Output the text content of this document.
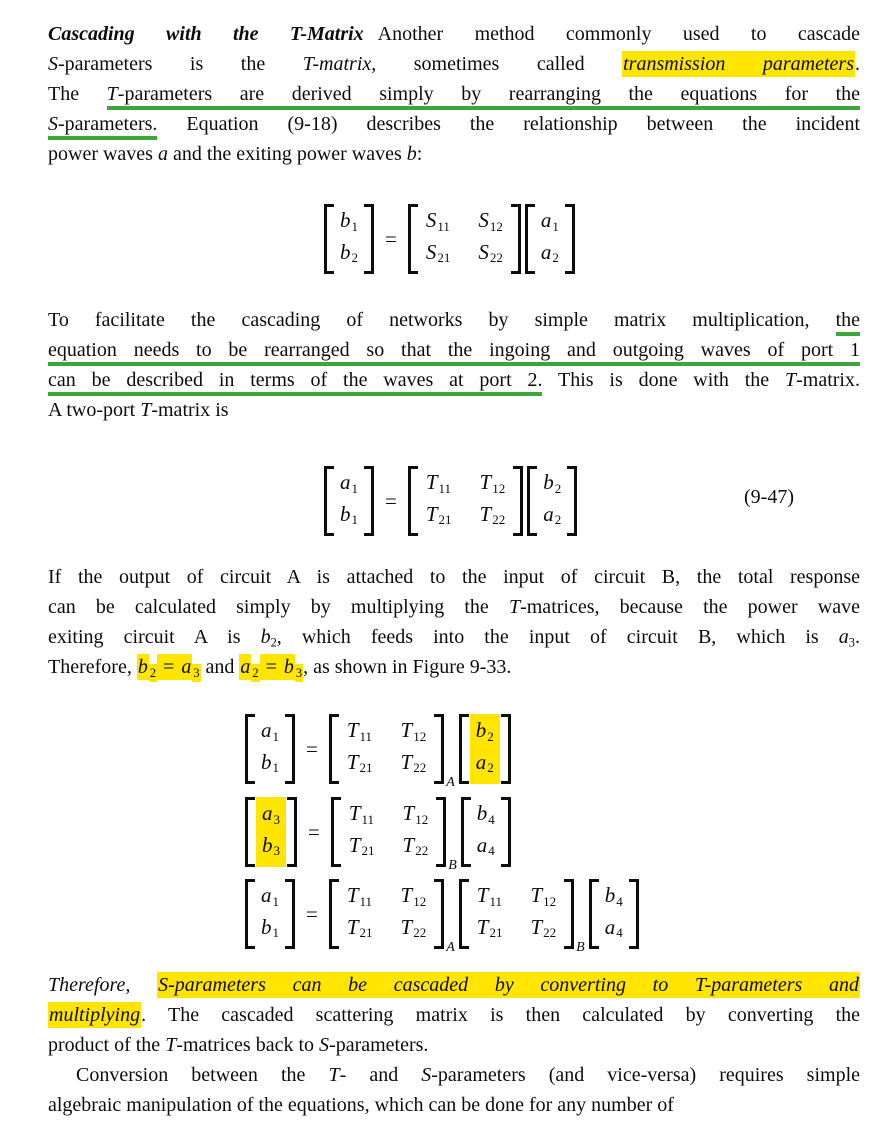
Cascading with the T-Matrix Another method commonly used to cascade
S-parameters is the T-matrix, sometimes called transmission parameters.
The T-parameters are derived simply by rearranging the equations for the
S-parameters. Equation (9-18) describes the relationship between the incident
power waves a and the exiting power waves b:
b1
b2
=
S11 S12
S21 S22
a1
a2
To facilitate the cascading of networks by simple matrix multiplication, the
equation needs to be rearranged so that the ingoing and outgoing waves of port 1
can be described in terms of the waves at port 2. This is done with the T-matrix.
A two-port T-matrix is
a1
b1
=
T11 T12
T21 T22
b2
a2
(9-47)
If the output of circuit A is attached to the input of circuit B, the total response
can be calculated simply by multiplying the T-matrices, because the power wave
exiting circuit A is $b_2$, which feeds into the input of circuit B, which is $a_3$.
Therefore, b $_2$ = a $_3$ and a $_2$ = b $_3$, as shown in Figure 9-33.
a1
b1
=
T11 T12
T21 T22
A
b2
a2
a3
b3
=
T11 T12
T21 T22
B
b4
a4
a1
b1
=
T11 T12
T21 T22
A
T11 T12
T21 T22
B
b4
a4
Therefore, S-parameters can be cascaded by converting to T-parameters and
multiplying. The cascaded scattering matrix is then calculated by converting the
product of the T-matrices back to S-parameters.
Conversion between the T- and S-parameters (and vice-versa) requires simple
algebraic manipulation of the equations, which can be done for any number of
